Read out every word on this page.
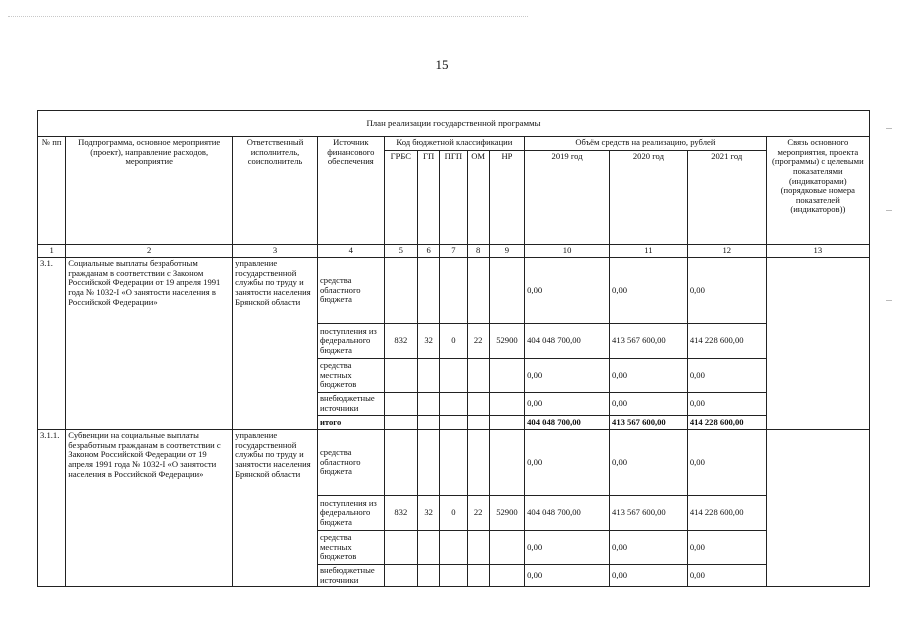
15
План реализации государственной программы												
№ пп	Подпрограмма, основное мероприятие (проект), направление расходов, мероприятие	Ответственный исполнитель, соисполнитель	Источник финансового обеспечения	Код бюджетной классификации					Объём средств на реализацию, рублей			Связь основного мероприятия, проекта (программы) с целевыми показателями (индикаторами) (порядковые номера показателей (индикаторов))
				ГРБС	ГП	ПГП	ОМ	НР	2019 год	2020 год	2021 год	
1	2	3	4	5	6	7	8	9	10	11	12	13
3.1.	Социальные выплаты безработным гражданам в соответствии с Законом Российской Федерации от 19 апреля 1991 года № 1032-I «О занятости населения в Российской Федерации»	управление государственной службы по труду и занятости населения Брянской области	средства областного бюджета						0,00	0,00	0,00	
			поступления из федерального бюджета	832	32	0	22	52900	404 048 700,00	413 567 600,00	414 228 600,00	
			средства местных бюджетов						0,00	0,00	0,00	
			внебюджетные источники						0,00	0,00	0,00	
			итого						404 048 700,00	413 567 600,00	414 228 600,00	
3.1.1.	Субвенции на социальные выплаты безработным гражданам в соответствии с Законом Российской Федерации от 19 апреля 1991 года № 1032-I «О занятости населения в Российской Федерации»	управление государственной службы по труду и занятости населения Брянской области	средства областного бюджета						0,00	0,00	0,00	
			поступления из федерального бюджета	832	32	0	22	52900	404 048 700,00	413 567 600,00	414 228 600,00	
			средства местных бюджетов						0,00	0,00	0,00	
			внебюджетные источники						0,00	0,00	0,00	
